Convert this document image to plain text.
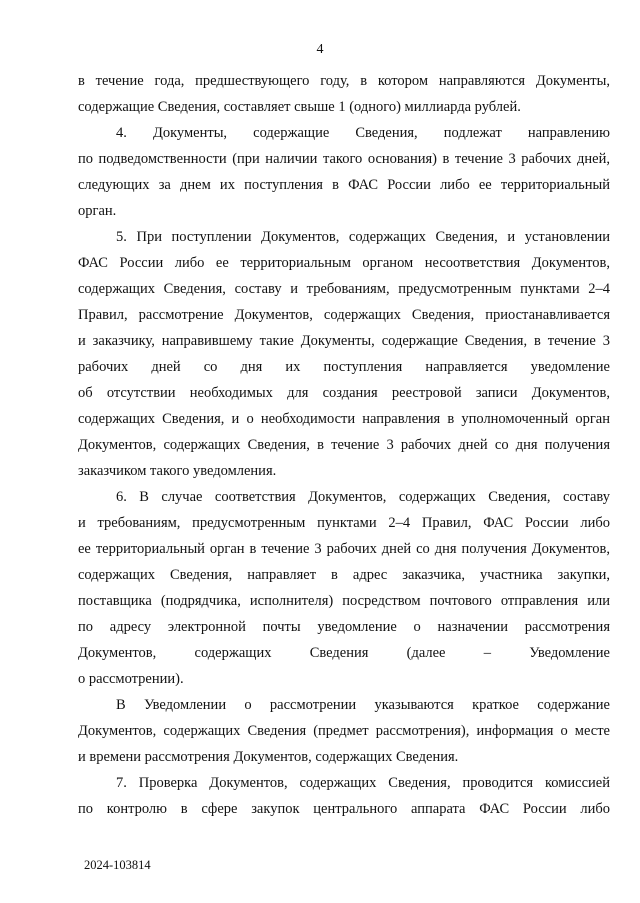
4
в течение года, предшествующего году, в котором направляются Документы,
содержащие Сведения, составляет свыше 1 (одного) миллиарда рублей.
4. Документы, содержащие Сведения, подлежат направлению
по подведомственности (при наличии такого основания) в течение 3 рабочих дней,
следующих за днем их поступления в ФАС России либо ее территориальный
орган.
5. При поступлении Документов, содержащих Сведения, и установлении
ФАС России либо ее территориальным органом несоответствия Документов,
содержащих Сведения, составу и требованиям, предусмотренным пунктами 2–4
Правил, рассмотрение Документов, содержащих Сведения, приостанавливается
и заказчику, направившему такие Документы, содержащие Сведения, в течение 3
рабочих дней со дня их поступления направляется уведомление
об отсутствии необходимых для создания реестровой записи Документов,
содержащих Сведения, и о необходимости направления в уполномоченный орган
Документов, содержащих Сведения, в течение 3 рабочих дней со дня получения
заказчиком такого уведомления.
6. В случае соответствия Документов, содержащих Сведения, составу
и требованиям, предусмотренным пунктами 2–4 Правил, ФАС России либо
ее территориальный орган в течение 3 рабочих дней со дня получения Документов,
содержащих Сведения, направляет в адрес заказчика, участника закупки,
поставщика (подрядчика, исполнителя) посредством почтового отправления или
по адресу электронной почты уведомление о назначении рассмотрения
Документов, содержащих Сведения (далее – Уведомление
о рассмотрении).
В Уведомлении о рассмотрении указываются краткое содержание
Документов, содержащих Сведения (предмет рассмотрения), информация о месте
и времени рассмотрения Документов, содержащих Сведения.
7. Проверка Документов, содержащих Сведения, проводится комиссией
по контролю в сфере закупок центрального аппарата ФАС России либо
2024-103814
